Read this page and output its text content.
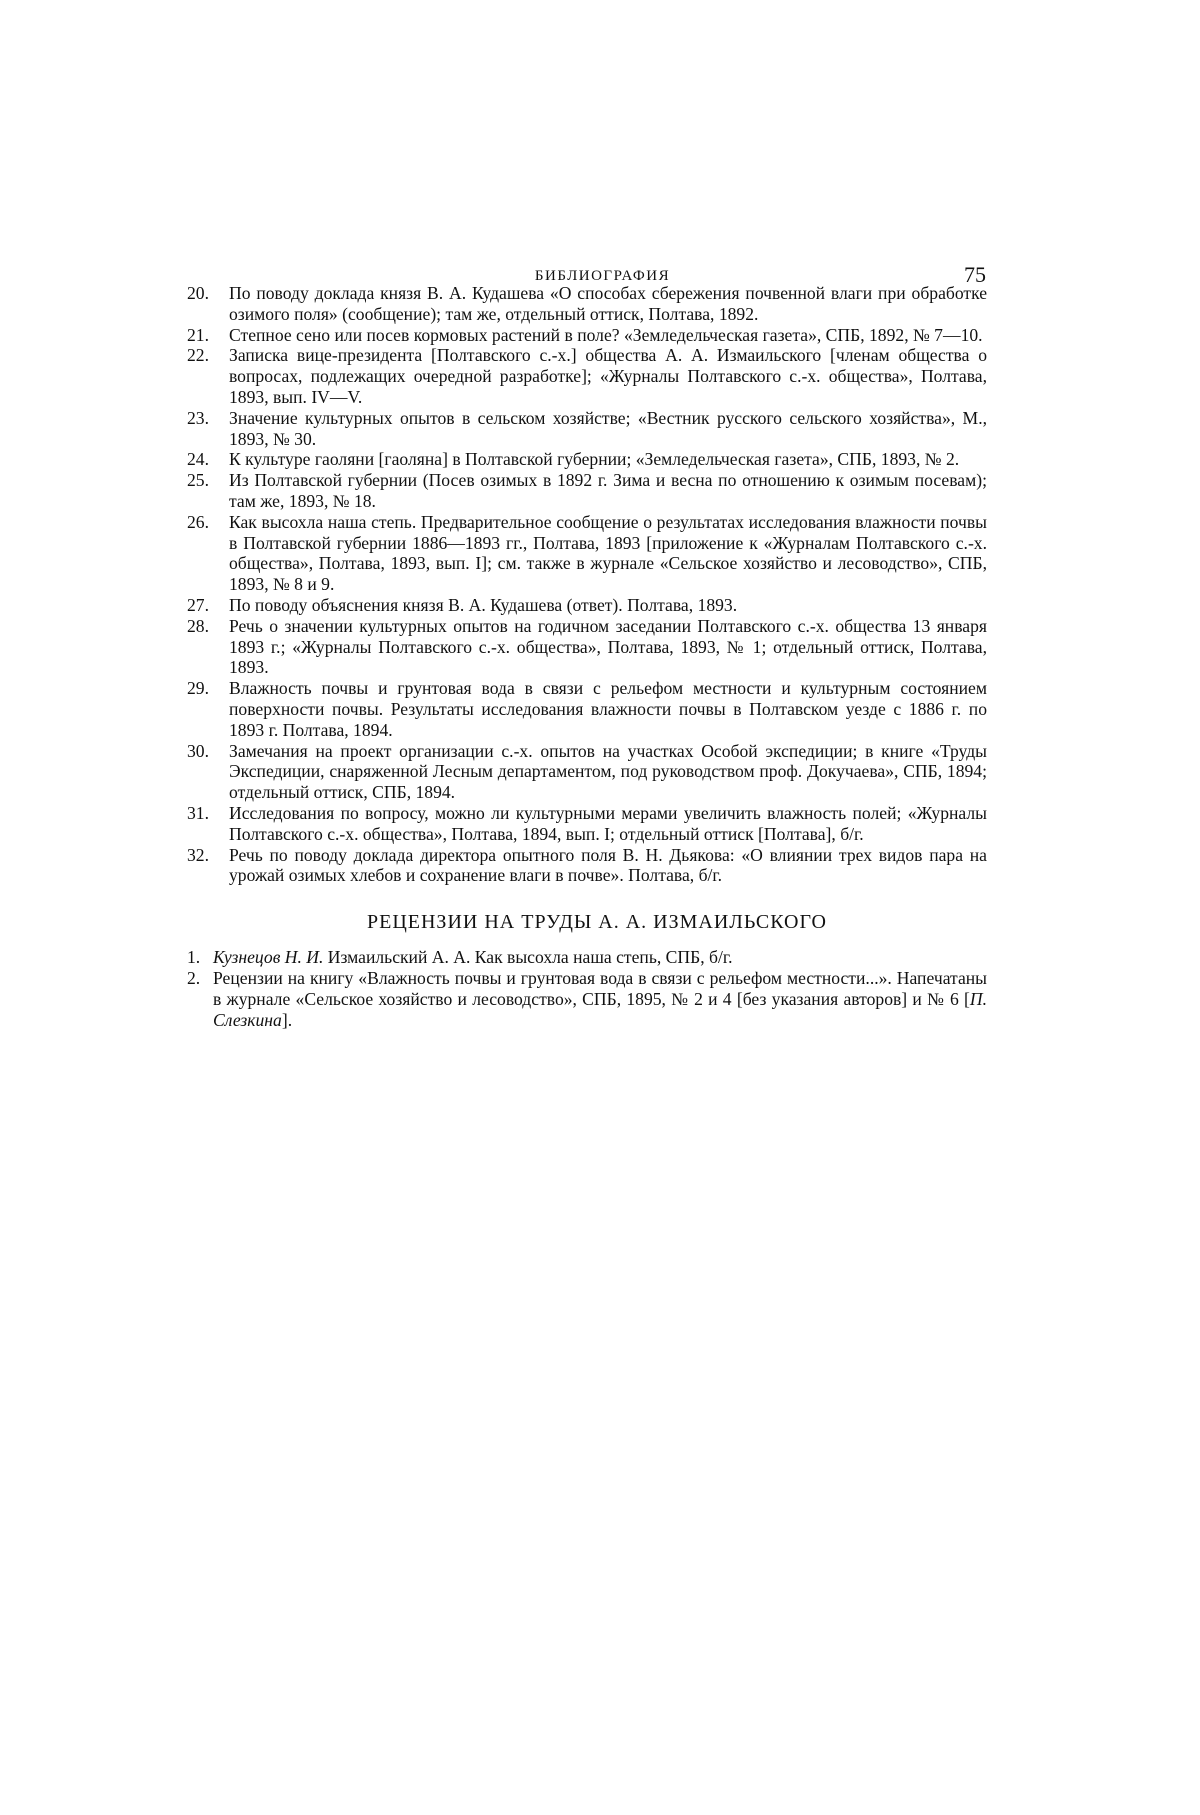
БИБЛИОГРАФИЯ	75

20.	По поводу доклада князя В. А. Кудашева «О способах сбережения почвенной влаги при обработке озимого поля» (сообщение); там же, отдельный оттиск, Полтава, 1892.

21.	Степное сено или посев кормовых растений в поле? «Земледельческая газета», СПБ, 1892, № 7—10.

22.	Записка вице-президента [Полтавского с.-х.] общества А. А. Измаильского [членам общества о вопросах, подлежащих очередной разработке]; «Журналы Полтавского с.-х. общества», Полтава, 1893, вып. IV—V.

23.	Значение культурных опытов в сельском хозяйстве; «Вестник русского сельского хозяйства», М., 1893, № 30.

24.	К культуре гаоляни [гаоляна] в Полтавской губернии; «Земледельческая газета», СПБ, 1893, № 2.

25.	Из Полтавской губернии (Посев озимых в 1892 г. Зима и весна по отношению к озимым посевам); там же, 1893, № 18.

26.	Как высохла наша степь. Предварительное сообщение о результатах исследования влажности почвы в Полтавской губернии 1886—1893 гг., Полтава, 1893 [приложение к «Журналам Полтавского с.-х. общества», Полтава, 1893, вып. I]; см. также в журнале «Сельское хозяйство и лесоводство», СПБ, 1893, № 8 и 9.

27.	По поводу объяснения князя В. А. Кудашева (ответ). Полтава, 1893.

28.	Речь о значении культурных опытов на годичном заседании Полтавского с.-х. общества 13 января 1893 г.; «Журналы Полтавского с.-х. общества», Полтава, 1893, № 1; отдельный оттиск, Полтава, 1893.

29.	Влажность почвы и грунтовая вода в связи с рельефом местности и культурным состоянием поверхности почвы. Результаты исследования влажности почвы в Полтавском уезде с 1886 г. по 1893 г. Полтава, 1894.

30.	Замечания на проект организации с.-х. опытов на участках Особой экспедиции; в книге «Труды Экспедиции, снаряженной Лесным департаментом, под руководством проф. Докучаева», СПБ, 1894; отдельный оттиск, СПБ, 1894.

31.	Исследования по вопросу, можно ли культурными мерами увеличить влажность полей; «Журналы Полтавского с.-х. общества», Полтава, 1894, вып. I; отдельный оттиск [Полтава], б/г.

32.	Речь по поводу доклада директора опытного поля В. Н. Дьякова: «О влиянии трех видов пара на урожай озимых хлебов и сохранение влаги в почве». Полтава, б/г.

РЕЦЕНЗИИ НА ТРУДЫ А. А. ИЗМАИЛЬСКОГО

1. Кузнецов Н. И. Измаильский А. А. Как высохла наша степь, СПБ, б/г.

2. Рецензии на книгу «Влажность почвы и грунтовая вода в связи с рельефом местности...». Напечатаны в журнале «Сельское хозяйство и лесоводство», СПБ, 1895, № 2 и 4 [без указания авторов] и № 6 [П. Слезкина].
